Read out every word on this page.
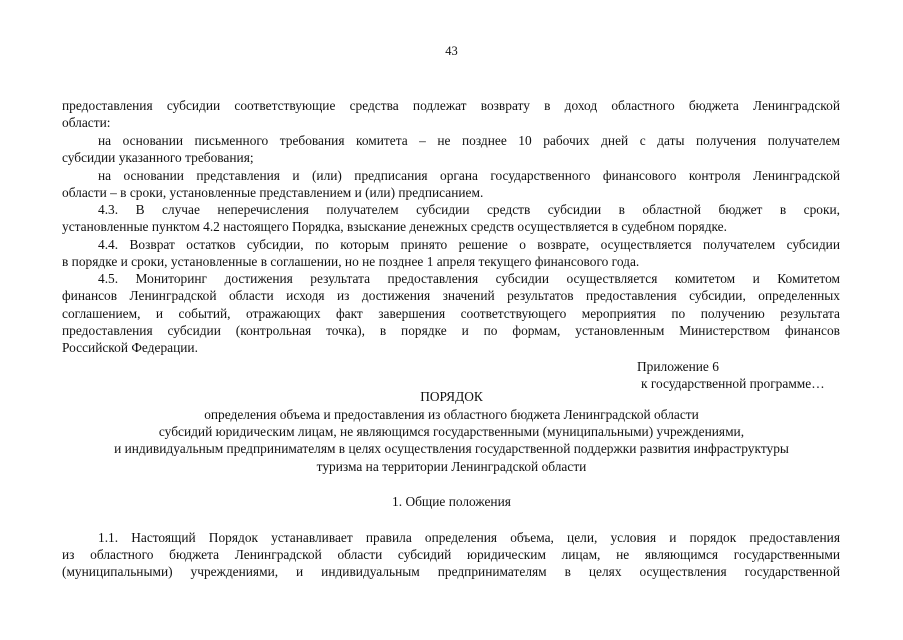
43
предоставления субсидии соответствующие средства подлежат возврату в доход областного бюджета Ленинградской
области:
на основании письменного требования комитета – не позднее 10 рабочих дней с даты получения получателем
субсидии указанного требования;
на основании представления и (или) предписания органа государственного финансового контроля Ленинградской
области – в сроки, установленные представлением и (или) предписанием.
4.3. В случае неперечисления получателем субсидии средств субсидии в областной бюджет в сроки,
установленные пунктом 4.2 настоящего Порядка, взыскание денежных средств осуществляется в судебном порядке.
4.4. Возврат остатков субсидии, по которым принято решение о возврате, осуществляется получателем субсидии
в порядке и сроки, установленные в соглашении, но не позднее 1 апреля текущего финансового года.
4.5. Мониторинг достижения результата предоставления субсидии осуществляется комитетом и Комитетом
финансов Ленинградской области исходя из достижения значений результатов предоставления субсидии, определенных
соглашением, и событий, отражающих факт завершения соответствующего мероприятия по получению результата
предоставления субсидии (контрольная точка), в порядке и по формам, установленным Министерством финансов
Российской Федерации.
Приложение 6
к государственной программе…
ПОРЯДОК
определения объема и предоставления из областного бюджета Ленинградской области
субсидий юридическим лицам, не являющимся государственными (муниципальными) учреждениями,
и индивидуальным предпринимателям в целях осуществления государственной поддержки развития инфраструктуры
туризма на территории Ленинградской области
1. Общие положения
1.1. Настоящий Порядок устанавливает правила определения объема, цели, условия и порядок предоставления
из областного бюджета Ленинградской области субсидий юридическим лицам, не являющимся государственными
(муниципальными) учреждениями, и индивидуальным предпринимателям в целях осуществления государственной
